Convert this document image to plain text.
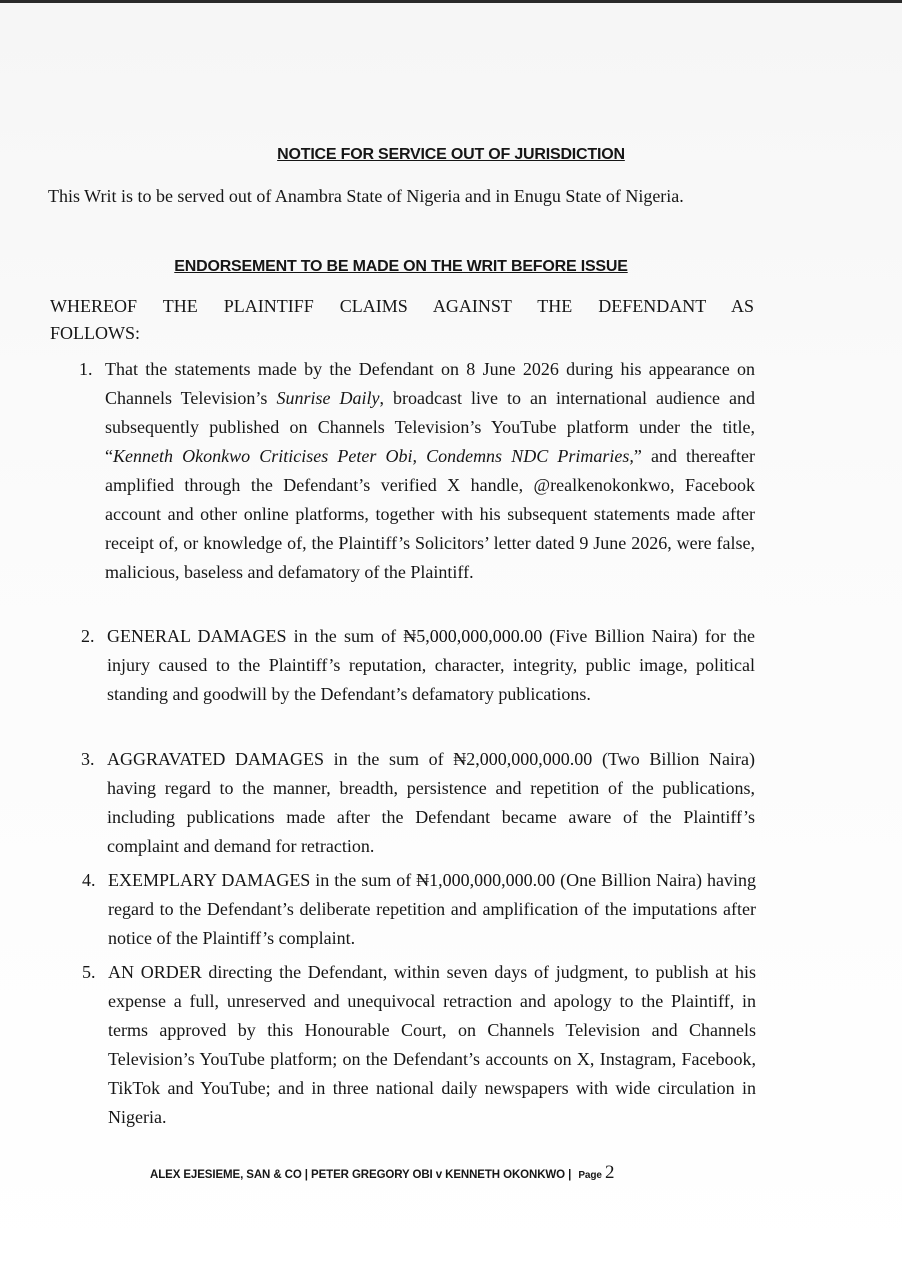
NOTICE FOR SERVICE OUT OF JURISDICTION
This Writ is to be served out of Anambra State of Nigeria and in Enugu State of Nigeria.
ENDORSEMENT TO BE MADE ON THE WRIT BEFORE ISSUE
WHEREOF THE PLAINTIFF CLAIMS AGAINST THE DEFENDANT AS
FOLLOWS:
1. That the statements made by the Defendant on 8 June 2026 during his appearance on Channels Television’s Sunrise Daily, broadcast live to an international audience and subsequently published on Channels Television’s YouTube platform under the title, “Kenneth Okonkwo Criticises Peter Obi, Condemns NDC Primaries,” and thereafter amplified through the Defendant’s verified X handle, @realkenokonkwo, Facebook account and other online platforms, together with his subsequent statements made after receipt of, or knowledge of, the Plaintiff’s Solicitors’ letter dated 9 June 2026, were false, malicious, baseless and defamatory of the Plaintiff.
2. GENERAL DAMAGES in the sum of ₦5,000,000,000.00 (Five Billion Naira) for the injury caused to the Plaintiff’s reputation, character, integrity, public image, political standing and goodwill by the Defendant’s defamatory publications.
3. AGGRAVATED DAMAGES in the sum of ₦2,000,000,000.00 (Two Billion Naira) having regard to the manner, breadth, persistence and repetition of the publications, including publications made after the Defendant became aware of the Plaintiff’s complaint and demand for retraction.
4. EXEMPLARY DAMAGES in the sum of ₦1,000,000,000.00 (One Billion Naira) having regard to the Defendant’s deliberate repetition and amplification of the imputations after notice of the Plaintiff’s complaint.
5. AN ORDER directing the Defendant, within seven days of judgment, to publish at his expense a full, unreserved and unequivocal retraction and apology to the Plaintiff, in terms approved by this Honourable Court, on Channels Television and Channels Television’s YouTube platform; on the Defendant’s accounts on X, Instagram, Facebook, TikTok and YouTube; and in three national daily newspapers with wide circulation in Nigeria.
ALEX EJESIEME, SAN & CO | PETER GREGORY OBI v KENNETH OKONKWO | Page 2
